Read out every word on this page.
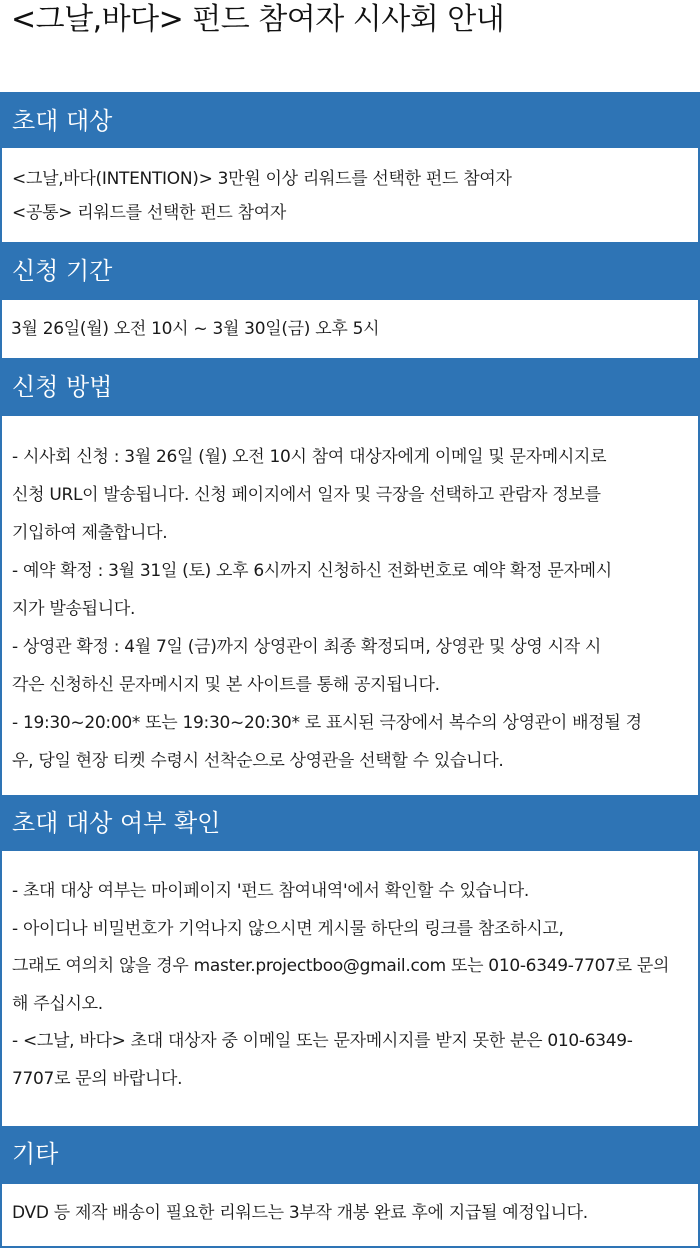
<그날,바다> 펀드 참여자 시사회 안내
초대 대상
<그날,바다(INTENTION)> 3만원 이상 리워드를 선택한 펀드 참여자
<공통> 리워드를 선택한 펀드 참여자
신청 기간
3월 26일(월) 오전 10시 ~ 3월 30일(금) 오후 5시
신청 방법
- 시사회 신청 : 3월 26일 (월) 오전 10시 참여 대상자에게 이메일 및 문자메시지로
신청 URL이 발송됩니다. 신청 페이지에서 일자 및 극장을 선택하고 관람자 정보를
기입하여 제출합니다.
- 예약 확정 : 3월 31일 (토) 오후 6시까지 신청하신 전화번호로 예약 확정 문자메시
지가 발송됩니다.
- 상영관 확정 : 4월 7일 (금)까지 상영관이 최종 확정되며, 상영관 및 상영 시작 시
각은 신청하신 문자메시지 및 본 사이트를 통해 공지됩니다.
- 19:30~20:00* 또는 19:30~20:30* 로 표시된 극장에서 복수의 상영관이 배정될 경
우, 당일 현장 티켓 수령시 선착순으로 상영관을 선택할 수 있습니다.
초대 대상 여부 확인
- 초대 대상 여부는 마이페이지 '펀드 참여내역'에서 확인할 수 있습니다.
- 아이디나 비밀번호가 기억나지 않으시면 게시물 하단의 링크를 참조하시고,
그래도 여의치 않을 경우 master.projectboo@gmail.com 또는 010-6349-7707로 문의
해 주십시오.
- <그날, 바다> 초대 대상자 중 이메일 또는 문자메시지를 받지 못한 분은 010-6349-
7707로 문의 바랍니다.
기타
DVD 등 제작 배송이 필요한 리워드는 3부작 개봉 완료 후에 지급될 예정입니다.
